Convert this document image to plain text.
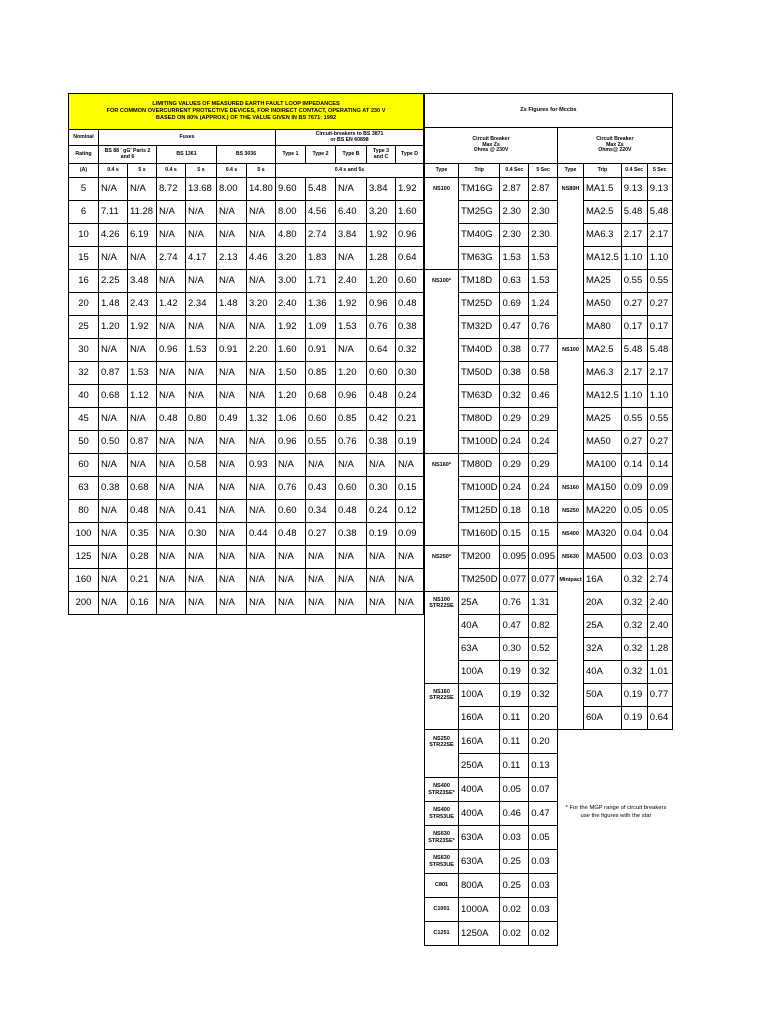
LIMITING VALUES OF MEASURED EARTH FAULT LOOP IMPEDANCES
FOR COMMON OVERCURRENT PROTECTIVE DEVICES, FOR INDIRECT CONTACT, OPERATING AT 230 V
BASED ON 80% (APPROX.) OF THE VALUE GIVEN IN BS 7671: 1992											
Nominal	Fuses						Circuit-breakers to BS 3871
or BS EN 60898				
Rating	BS 88 ' gG' Parts 2 and 6		BS 1361		BS 3036		Type 1	Type 2	Type B	Type 3 and C	Type D
(A)	0.4 s	5 s	0.4 s	5 s	0.4 s	5 s	0.4 s and 5s				
5	N/A	N/A	8.72	13.68	8.00	14.80	9.60	5.48	N/A	3.84	1.92
6	7.11	11.28	N/A	N/A	N/A	N/A	8.00	4.56	6.40	3.20	1.60
10	4.26	6.19	N/A	N/A	N/A	N/A	4.80	2.74	3.84	1.92	0.96
15	N/A	N/A	2.74	4.17	2.13	4.46	3.20	1.83	N/A	1.28	0.64
16	2.25	3.48	N/A	N/A	N/A	N/A	3.00	1.71	2.40	1.20	0.60
20	1.48	2.43	1.42	2.34	1.48	3.20	2.40	1.36	1.92	0.96	0.48
25	1.20	1.92	N/A	N/A	N/A	N/A	1.92	1.09	1.53	0.76	0.38
30	N/A	N/A	0.96	1.53	0.91	2.20	1.60	0.91	N/A	0.64	0.32
32	0.87	1.53	N/A	N/A	N/A	N/A	1.50	0.85	1.20	0.60	0.30
40	0.68	1.12	N/A	N/A	N/A	N/A	1.20	0.68	0.96	0.48	0.24
45	N/A	N/A	0.48	0.80	0.49	1.32	1.06	0.60	0.85	0.42	0.21
50	0.50	0.87	N/A	N/A	N/A	N/A	0.96	0.55	0.76	0.38	0.19
60	N/A	N/A	N/A	0.58	N/A	0.93	N/A	N/A	N/A	N/A	N/A
63	0.38	0.68	N/A	N/A	N/A	N/A	0.76	0.43	0.60	0.30	0.15
80	N/A	0.48	N/A	0.41	N/A	N/A	0.60	0.34	0.48	0.24	0.12
100	N/A	0.35	N/A	0.30	N/A	0.44	0.48	0.27	0.38	0.19	0.09
125	N/A	0.28	N/A	N/A	N/A	N/A	N/A	N/A	N/A	N/A	N/A
160	N/A	0.21	N/A	N/A	N/A	N/A	N/A	N/A	N/A	N/A	N/A
200	N/A	0.16	N/A	N/A	N/A	N/A	N/A	N/A	N/A	N/A	N/A
Zs Figures for Mccbs							
Circuit Breaker
Max Zs
Ohms @ 230V				Circuit Breaker
Max Zs
Ohms@ 220V			
Type	Trip	0.4 Sec	5 Sec	Type	Trip	0.4 Sec	5 Sec
NS100	TM16G	2.87	2.87	NS80H	MA1.5	9.13	9.13
	TM25G	2.30	2.30		MA2.5	5.48	5.48
	TM40G	2.30	2.30		MA6.3	2.17	2.17
	TM63G	1.53	1.53		MA12.5	1.10	1.10
NS100*	TM18D	0.63	1.53		MA25	0.55	0.55
	TM25D	0.69	1.24		MA50	0.27	0.27
	TM32D	0.47	0.76		MA80	0.17	0.17
	TM40D	0.38	0.77	NS100	MA2.5	5.48	5.48
	TM50D	0.38	0.58		MA6.3	2.17	2.17
	TM63D	0.32	0.46		MA12.5	1.10	1.10
	TM80D	0.29	0.29		MA25	0.55	0.55
	TM100D	0.24	0.24		MA50	0.27	0.27
NS160*	TM80D	0.29	0.29		MA100	0.14	0.14
	TM100D	0.24	0.24	NS160	MA150	0.09	0.09
	TM125D	0.18	0.18	NS250	MA220	0.05	0.05
	TM160D	0.15	0.15	NS400	MA320	0.04	0.04
NS250*	TM200	0.095	0.095	NS630	MA500	0.03	0.03
	TM250D	0.077	0.077	Minipact	16A	0.32	2.74
NS100 STR22SE	25A	0.76	1.31		20A	0.32	2.40
	40A	0.47	0.82		25A	0.32	2.40
	63A	0.30	0.52		32A	0.32	1.28
	100A	0.19	0.32		40A	0.32	1.01
NS160 STR22SE	100A	0.19	0.32		50A	0.19	0.77
	160A	0.11	0.20		60A	0.19	0.64
NS250 STR22SE	160A	0.11	0.20				
	250A	0.11	0.13				
NS400 STR23SE*	400A	0.05	0.07				
NS400 STR53UE	400A	0.46	0.47				
NS630 STR23SE*	630A	0.03	0.05				
NS630 STR53UE	630A	0.25	0.03				
C801	800A	0.25	0.03				
C1001	1000A	0.02	0.03				
C1251	1250A	0.02	0.02				
* For the MGP range of circuit breakers use the figures with the star
